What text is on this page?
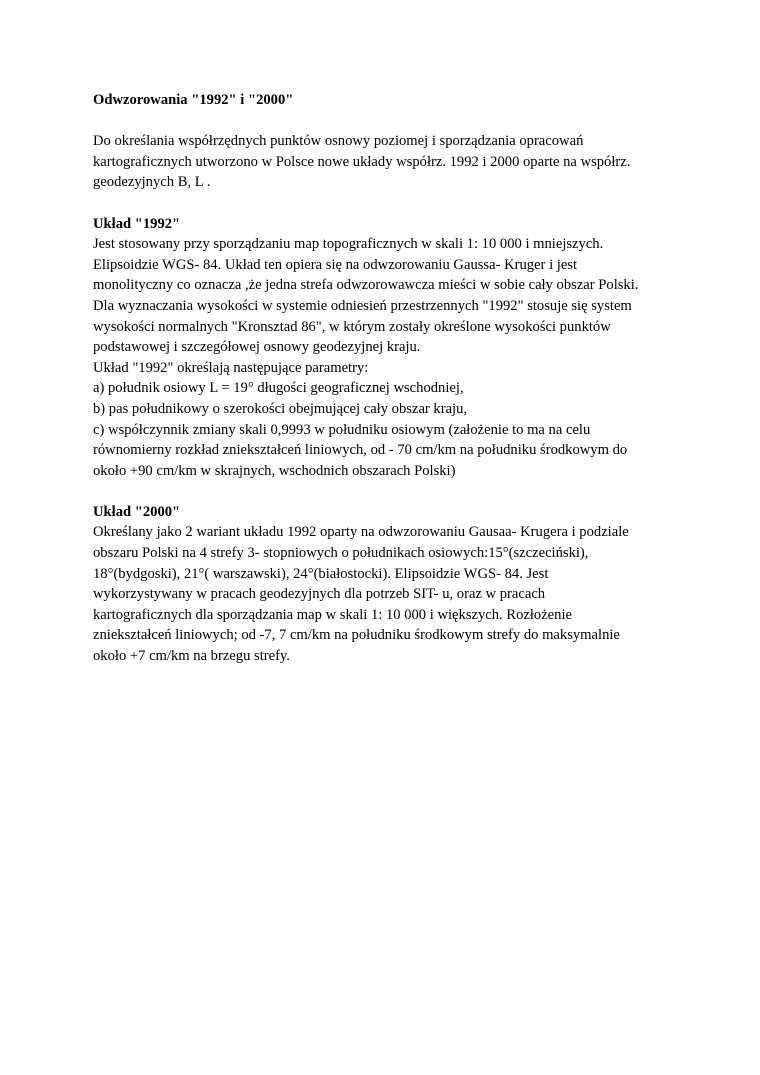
Odwzorowania "1992" i "2000"

Do określania współrzędnych punktów osnowy poziomej i sporządzania opracowań

kartograficznych utworzono w Polsce nowe układy współrz. 1992 i 2000 oparte na współrz.

geodezyjnych B, L .

Układ "1992"

Jest stosowany przy sporządzaniu map topograficznych w skali 1: 10 000 i mniejszych.

Elipsoidzie WGS- 84. Układ ten opiera się na odwzorowaniu Gaussa- Kruger i jest

monolityczny co oznacza ,że jedna strefa odwzorowawcza mieści w sobie cały obszar Polski.

Dla wyznaczania wysokości w systemie odniesień przestrzennych "1992" stosuje się system

wysokości normalnych "Kronsztad 86", w którym zostały określone wysokości punktów

podstawowej i szczegółowej osnowy geodezyjnej kraju.

Układ "1992" określają następujące parametry:

a) południk osiowy L = 19° długości geograficznej wschodniej,

b) pas południkowy o szerokości obejmującej cały obszar kraju,

c) współczynnik zmiany skali 0,9993 w południku osiowym (założenie to ma na celu

równomierny rozkład zniekształceń liniowych, od - 70 cm/km na południku środkowym do

około +90 cm/km w skrajnych, wschodnich obszarach Polski)

Układ "2000"

Określany jako 2 wariant układu 1992 oparty na odwzorowaniu Gausaa- Krugera i podziale

obszaru Polski na 4 strefy 3- stopniowych o południkach osiowych:15°(szczeciński),

18°(bydgoski), 21°( warszawski), 24°(białostocki). Elipsoidzie WGS- 84. Jest

wykorzystywany w pracach geodezyjnych dla potrzeb SIT- u, oraz w pracach

kartograficznych dla sporządzania map w skali 1: 10 000 i większych. Rozłożenie

zniekształceń liniowych; od -7, 7 cm/km na południku środkowym strefy do maksymalnie

około +7 cm/km na brzegu strefy.
